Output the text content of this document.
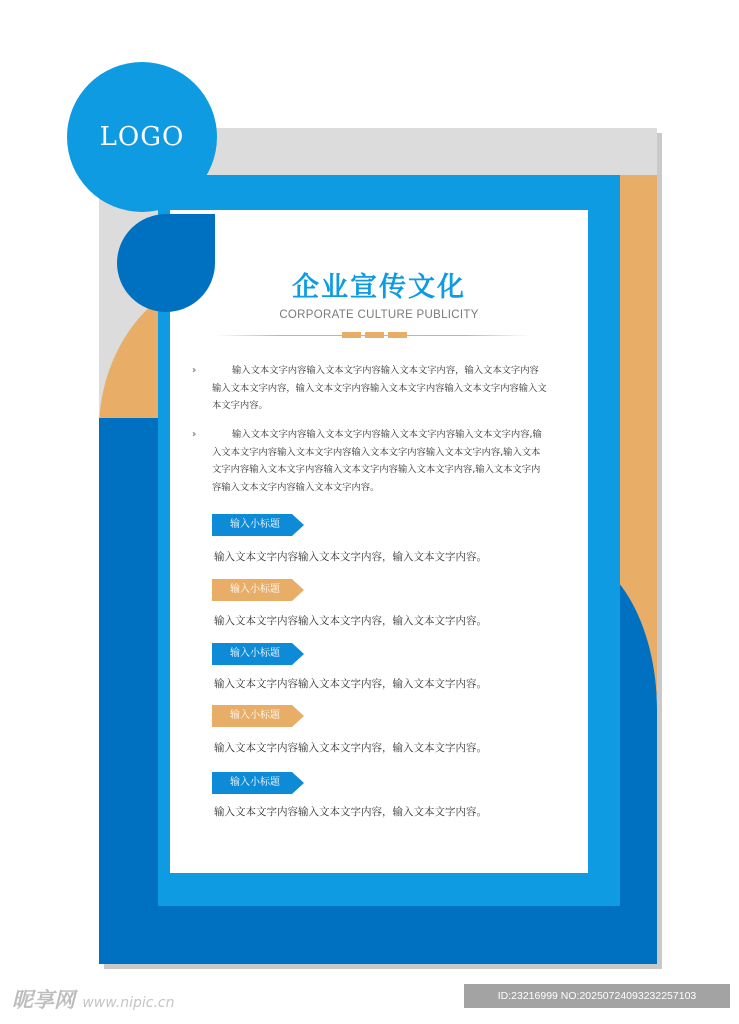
LOGO
企业宣传文化
CORPORATE CULTURE PUBLICITY
››	输入文本文字内容输入文本文字内容输入文本文字内容，输入文本文字内容输入文本文字内容，输入文本文字内容输入文本文字内容输入文本文字内容输入文本文字内容。
››	输入文本文字内容输入文本文字内容输入文本文字内容输入文本文字内容,输入文本文字内容输入文本文字内容输入文本文字内容输入文本文字内容,输入文本文字内容输入文本文字内容输入文本文字内容输入文本文字内容,输入文本文字内容输入文本文字内容输入文本文字内容。
输入小标题
输入文本文字内容输入文本文字内容，输入文本文字内容。
输入小标题
输入文本文字内容输入文本文字内容，输入文本文字内容。
输入小标题
输入文本文字内容输入文本文字内容，输入文本文字内容。
输入小标题
输入文本文字内容输入文本文字内容，输入文本文字内容。
输入小标题
输入文本文字内容输入文本文字内容，输入文本文字内容。
昵享网 www.nipic.cn	ID:23216999 NO:20250724093232257103
